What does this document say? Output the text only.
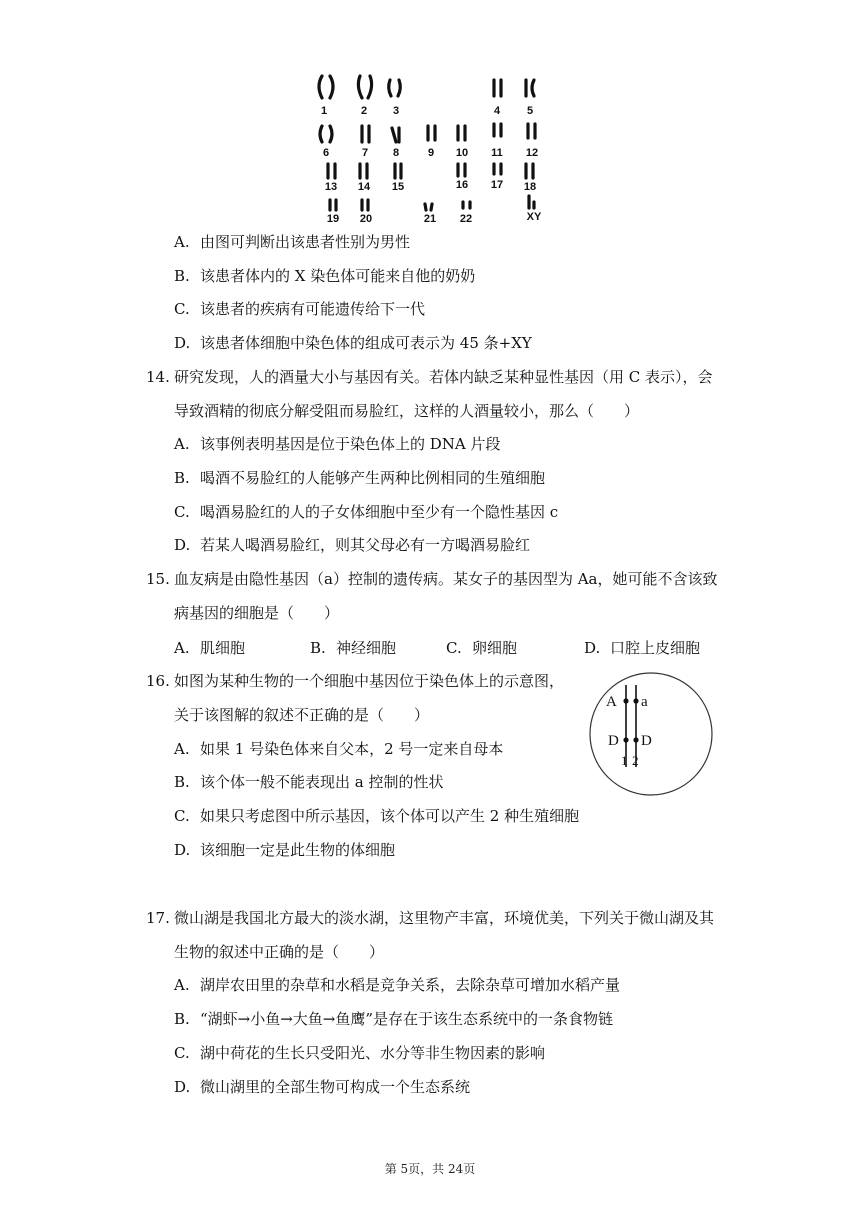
1	2 3	4 5
6	7 8	9 10 11 12
13 14 15	16 17 18
19 20	21 22	XY
A. 由图可判断出该患者性别为男性
B. 该患者体内的 X 染色体可能来自他的奶奶
C. 该患者的疾病有可能遗传给下一代
D. 该患者体细胞中染色体的组成可表示为 45 条+XY
14. 研究发现，人的酒量大小与基因有关。若体内缺乏某种显性基因（用 C 表示），会
导致酒精的彻底分解受阻而易脸红，这样的人酒量较小，那么（　　）
A. 该事例表明基因是位于染色体上的 DNA 片段
B. 喝酒不易脸红的人能够产生两种比例相同的生殖细胞
C. 喝酒易脸红的人的子女体细胞中至少有一个隐性基因 c
D. 若某人喝酒易脸红，则其父母必有一方喝酒易脸红
15. 血友病是由隐性基因（a）控制的遗传病。某女子的基因型为 Aa，她可能不含该致
病基因的细胞是（　　）
A. 肌细胞	B. 神经细胞	C. 卵细胞	D. 口腔上皮细胞
16. 如图为某种生物的一个细胞中基因位于染色体上的示意图，
关于该图解的叙述不正确的是（　　）
A. 如果 1 号染色体来自父本，2 号一定来自母本
B. 该个体一般不能表现出 a 控制的性状
C. 如果只考虑图中所示基因，该个体可以产生 2 种生殖细胞
D. 该细胞一定是此生物的体细胞
A a
D D
1 2
17. 微山湖是我国北方最大的淡水湖，这里物产丰富，环境优美，下列关于微山湖及其
生物的叙述中正确的是（　　）
A. 湖岸农田里的杂草和水稻是竞争关系，去除杂草可增加水稻产量
B. “湖虾→小鱼→大鱼→鱼鹰”是存在于该生态系统中的一条食物链
C. 湖中荷花的生长只受阳光、水分等非生物因素的影响
D. 微山湖里的全部生物可构成一个生态系统
第 5页，共 24页
